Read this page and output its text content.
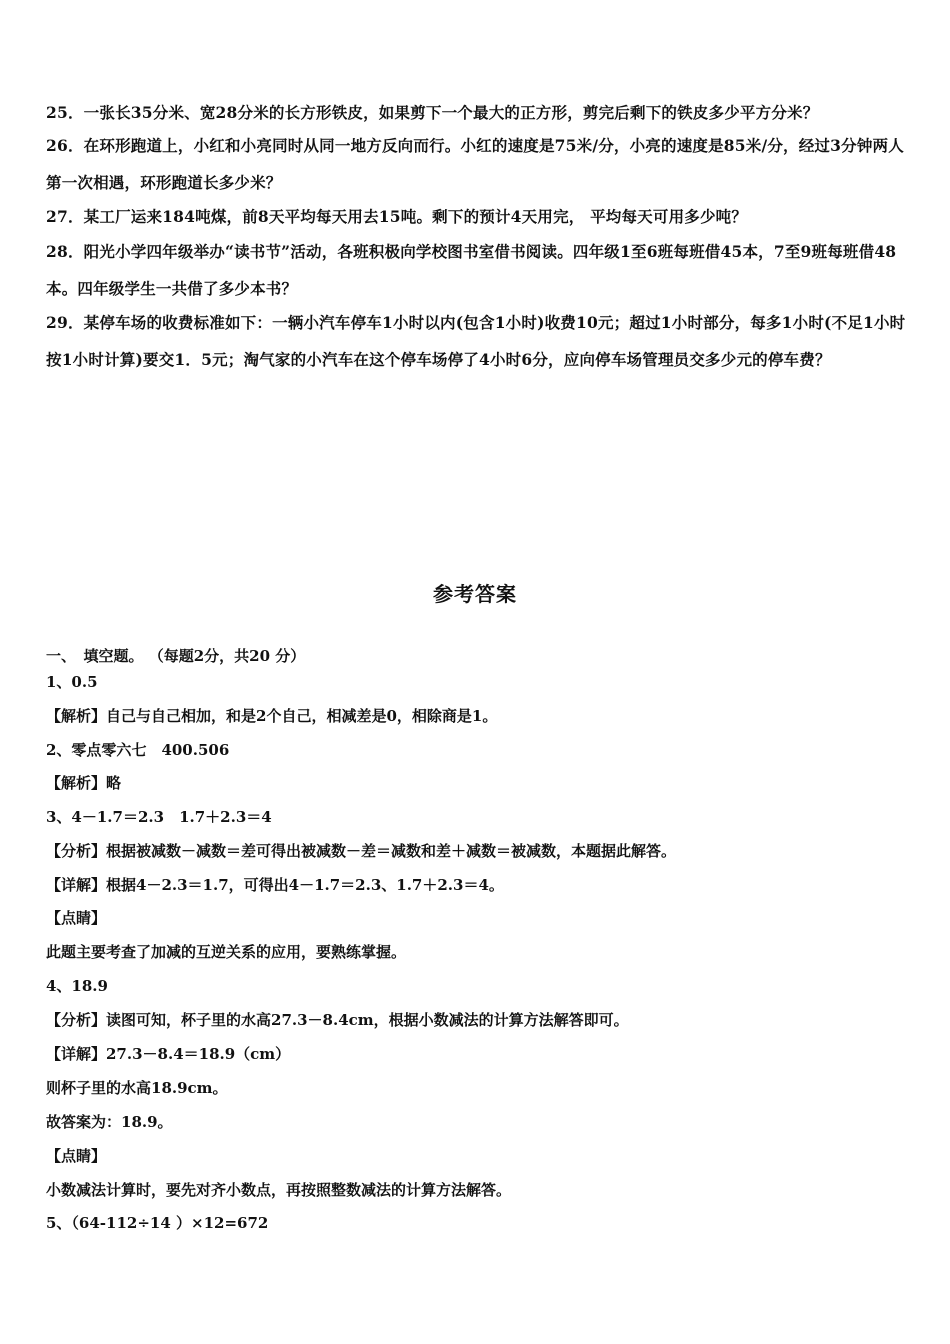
25．一张长35分米、宽28分米的长方形铁皮，如果剪下一个最大的正方形，剪完后剩下的铁皮多少平方分米？
26．在环形跑道上，小红和小亮同时从同一地方反向而行。小红的速度是75米/分，小亮的速度是85米/分，经过3分钟两人第一次相遇，环形跑道长多少米？
27．某工厂运来184吨煤，前8天平均每天用去15吨。剩下的预计4天用完， 平均每天可用多少吨？
28．阳光小学四年级举办“读书节”活动，各班积极向学校图书室借书阅读。四年级1至6班每班借45本，7至9班每班借48本。四年级学生一共借了多少本书？
29．某停车场的收费标准如下：一辆小汽车停车1小时以内(包含1小时)收费10元；超过1小时部分，每多1小时(不足1小时按1小时计算)要交1．5元；淘气家的小汽车在这个停车场停了4小时6分，应向停车场管理员交多少元的停车费？
参考答案
一、　填空题。 （每题2分，共20 分）
1、0.5
【解析】自己与自己相加，和是2个自己，相减差是0，相除商是1。
2、零点零六七　400.506
【解析】略
3、4－1.7＝2.3　1.7＋2.3＝4
【分析】根据被减数－减数＝差可得出被减数－差＝减数和差＋减数＝被减数，本题据此解答。
【详解】根据4－2.3＝1.7，可得出4－1.7＝2.3、1.7＋2.3＝4。
【点睛】
此题主要考查了加减的互逆关系的应用，要熟练掌握。
4、18.9
【分析】读图可知，杯子里的水高27.3－8.4cm，根据小数减法的计算方法解答即可。
【详解】27.3－8.4＝18.9（cm）
则杯子里的水高18.9cm。
故答案为：18.9。
【点睛】
小数减法计算时，要先对齐小数点，再按照整数减法的计算方法解答。
5、（64-112÷14 ）×12=672
